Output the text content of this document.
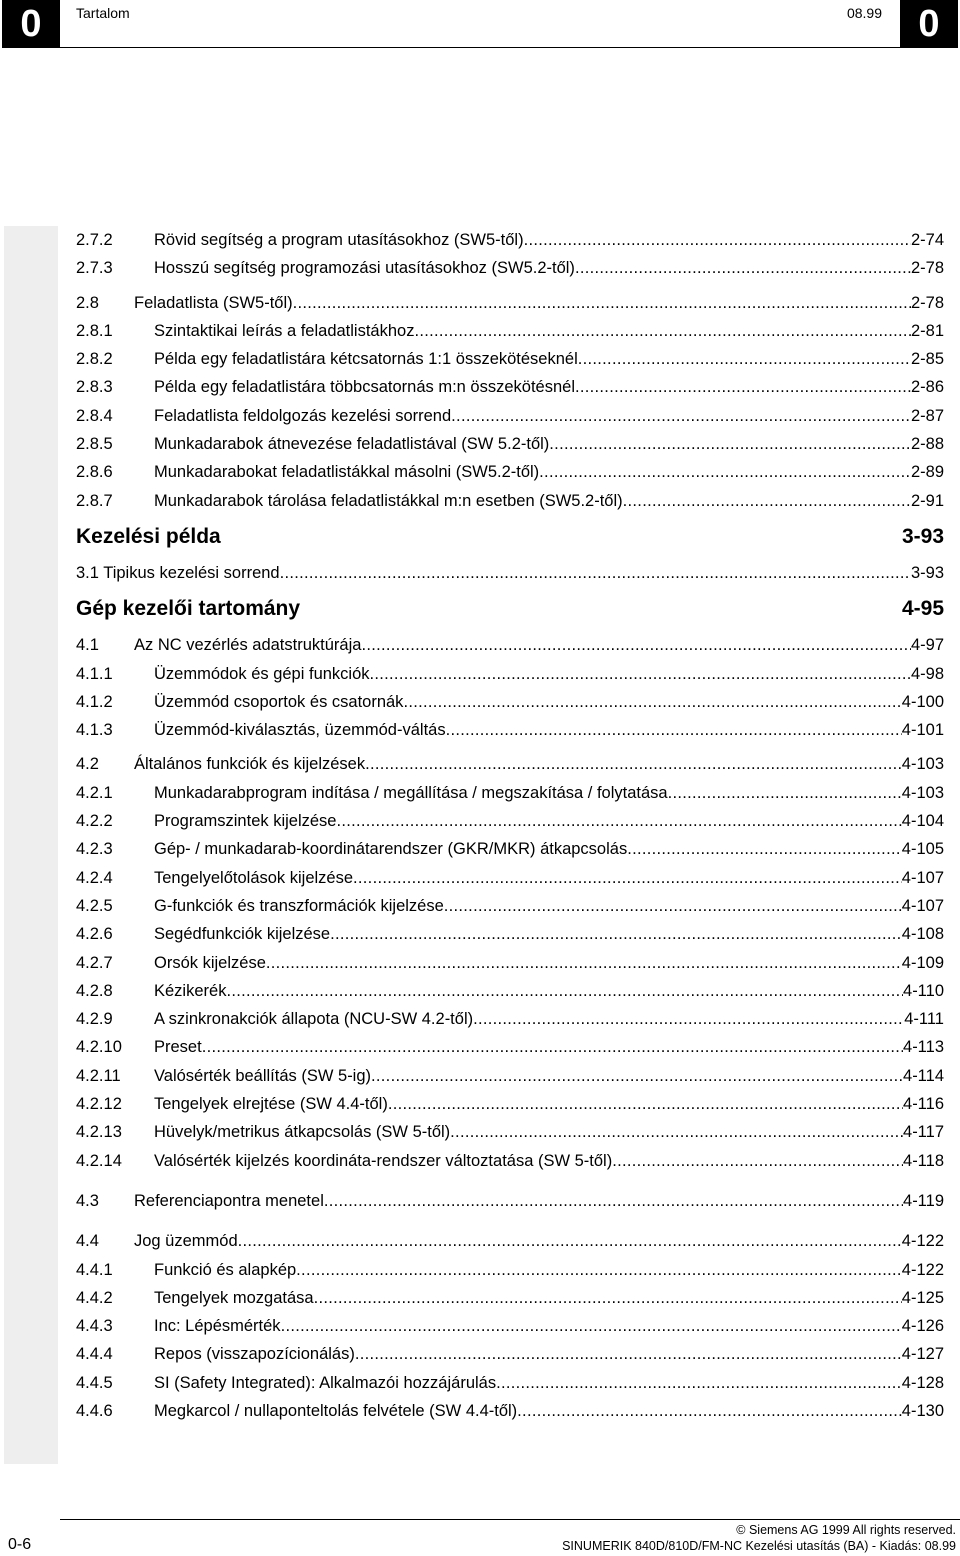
0	0
Tartalom	08.99
2.7.2	Rövid segítség a program utasításokhoz (SW5-től) .....	2-74
2.7.3	Hosszú segítség programozási utasításokhoz (SW5.2-től) .....	2-78
2.8 Feladatlista (SW5-től) .....	2-78
2.8.1	Szintaktikai leírás a feladatlistákhoz .....	2-81
2.8.2	Példa egy feladatlistára kétcsatornás 1:1 összekötéseknél .....	2-85
2.8.3	Példa egy feladatlistára többcsatornás m:n összekötésnél .....	2-86
2.8.4	Feladatlista feldolgozás kezelési sorrend .....	2-87
2.8.5	Munkadarabok átnevezése feladatlistával (SW 5.2-től) .....	2-88
2.8.6	Munkadarabokat feladatlistákkal másolni (SW5.2-től) .....	2-89
2.8.7	Munkadarabok tárolása feladatlistákkal m:n esetben (SW5.2-től) .....	2-91
Kezelési példa	3-93
3.1 Tipikus kezelési sorrend .....	3-93
Gép kezelői tartomány	4-95
4.1 Az NC vezérlés adatstruktúrája .....	4-97
4.1.1	Üzemmódok és gépi funkciók .....	4-98
4.1.2	Üzemmód csoportok és csatornák .....	4-100
4.1.3	Üzemmód-kiválasztás, üzemmód-váltás .....	4-101
4.2 Általános funkciók és kijelzések .....	4-103
4.2.1	Munkadarabprogram indítása / megállítása / megszakítása / folytatása .....	4-103
4.2.2	Programszintek kijelzése .....	4-104
4.2.3	Gép- / munkadarab-koordinátarendszer (GKR/MKR) átkapcsolás .....	4-105
4.2.4	Tengelyelőtolások kijelzése .....	4-107
4.2.5	G-funkciók és transzformációk kijelzése .....	4-107
4.2.6	Segédfunkciók kijelzése .....	4-108
4.2.7	Orsók kijelzése .....	4-109
4.2.8	Kézikerék .....	4-110
4.2.9	A szinkronakciók állapota (NCU-SW 4.2-től) .....	4-111
4.2.10 Preset .....	4-113
4.2.11 Valósérték beállítás (SW 5-ig) .....	4-114
4.2.12 Tengelyek elrejtése (SW 4.4-től) .....	4-116
4.2.13 Hüvelyk/metrikus átkapcsolás (SW 5-től) .....	4-117
4.2.14 Valósérték kijelzés koordináta-rendszer változtatása (SW 5-től) .....	4-118
4.3 Referenciapontra menetel .....	4-119
4.4 Jog üzemmód .....	4-122
4.4.1	Funkció és alapkép .....	4-122
4.4.2	Tengelyek mozgatása .....	4-125
4.4.3	Inc: Lépésmérték .....	4-126
4.4.4	Repos (visszapozícionálás) .....	4-127
4.4.5	SI (Safety Integrated): Alkalmazói hozzájárulás .....	4-128
4.4.6	Megkarcol / nullaponteltolás felvétele (SW 4.4-től) .....	4-130
0-6
© Siemens AG 1999 All rights reserved.
SINUMERIK 840D/810D/FM-NC Kezelési utasítás (BA) - Kiadás: 08.99
